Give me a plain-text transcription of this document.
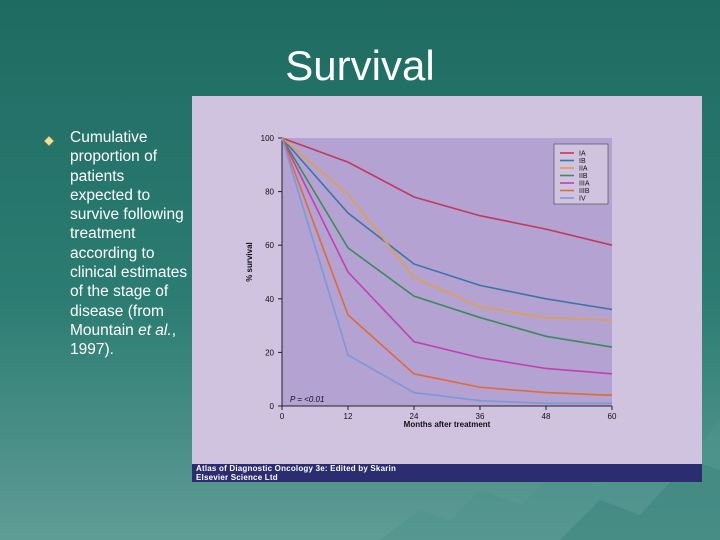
Survival
Cumulative proportion of patients expected to survive following treatment according to clinical estimates of the stage of disease (from Mountain et al., 1997).
0
20
40
60
80
100
0	12	24	36	48	60
% survival
Months after treatment
P = <0.01
IA
IB
IIA
IIB
IIIA
IIIB
IV
Atlas of Diagnostic Oncology 3e: Edited by Skarin
Elsevier Science Ltd
